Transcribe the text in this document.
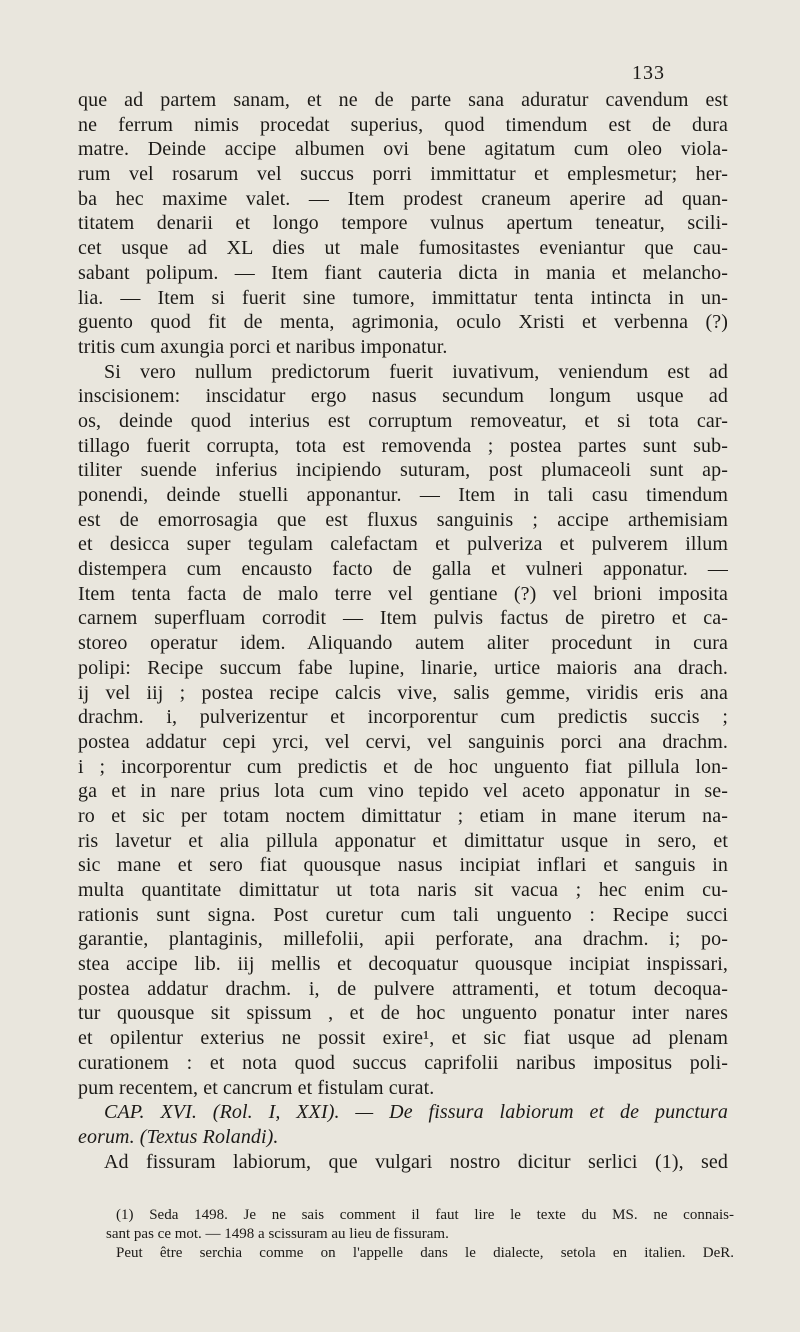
133
que ad partem sanam, et ne de parte sana aduratur cavendum est
ne ferrum nimis procedat superius, quod timendum est de dura
matre. Deinde accipe albumen ovi bene agitatum cum oleo viola-
rum vel rosarum vel succus porri immittatur et emplesmetur; her-
ba hec maxime valet. — Item prodest craneum aperire ad quan-
titatem denarii et longo tempore vulnus apertum teneatur, scili-
cet usque ad XL dies ut male fumositastes eveniantur que cau-
sabant polipum. — Item fiant cauteria dicta in mania et melancho-
lia. — Item si fuerit sine tumore, immittatur tenta intincta in un-
guento quod fit de menta, agrimonia, oculo Xristi et verbenna (?)
tritis cum axungia porci et naribus imponatur.
Si vero nullum predictorum fuerit iuvativum, veniendum est ad
inscisionem: inscidatur ergo nasus secundum longum usque ad
os, deinde quod interius est corruptum removeatur, et si tota car-
tillago fuerit corrupta, tota est removenda ; postea partes sunt sub-
tiliter suende inferius incipiendo suturam, post plumaceoli sunt ap-
ponendi, deinde stuelli apponantur. — Item in tali casu timendum
est de emorrosagia que est fluxus sanguinis ; accipe arthemisiam
et desicca super tegulam calefactam et pulveriza et pulverem illum
distempera cum encausto facto de galla et vulneri apponatur. —
Item tenta facta de malo terre vel gentiane (?) vel brioni imposita
carnem superfluam corrodit — Item pulvis factus de piretro et ca-
storeo operatur idem. Aliquando autem aliter procedunt in cura
polipi: Recipe succum fabe lupine, linarie, urtice maioris ana drach.
ij vel iij ; postea recipe calcis vive, salis gemme, viridis eris ana
drachm. i, pulverizentur et incorporentur cum predictis succis ;
postea addatur cepi yrci, vel cervi, vel sanguinis porci ana drachm.
i ; incorporentur cum predictis et de hoc unguento fiat pillula lon-
ga et in nare prius lota cum vino tepido vel aceto apponatur in se-
ro et sic per totam noctem dimittatur ; etiam in mane iterum na-
ris lavetur et alia pillula apponatur et dimittatur usque in sero, et
sic mane et sero fiat quousque nasus incipiat inflari et sanguis in
multa quantitate dimittatur ut tota naris sit vacua ; hec enim cu-
rationis sunt signa. Post curetur cum tali unguento : Recipe succi
garantie, plantaginis, millefolii, apii perforate, ana drachm. i; po-
stea accipe lib. iij mellis et decoquatur quousque incipiat inspissari,
postea addatur drachm. i, de pulvere attramenti, et totum decoqua-
tur quousque sit spissum , et de hoc unguento ponatur inter nares
et opilentur exterius ne possit exire¹, et sic fiat usque ad plenam
curationem : et nota quod succus caprifolii naribus impositus poli-
pum recentem, et cancrum et fistulam curat.
CAP. XVI. (Rol. I, XXI). — De fissura labiorum et de punctura
eorum. (Textus Rolandi).
Ad fissuram labiorum, que vulgari nostro dicitur serlici (1), sed
(1) Seda 1498. Je ne sais comment il faut lire le texte du MS. ne connais-
sant pas ce mot. — 1498 a scissuram au lieu de fissuram.
Peut être serchia comme on l'appelle dans le dialecte, setola en italien. DeR.
